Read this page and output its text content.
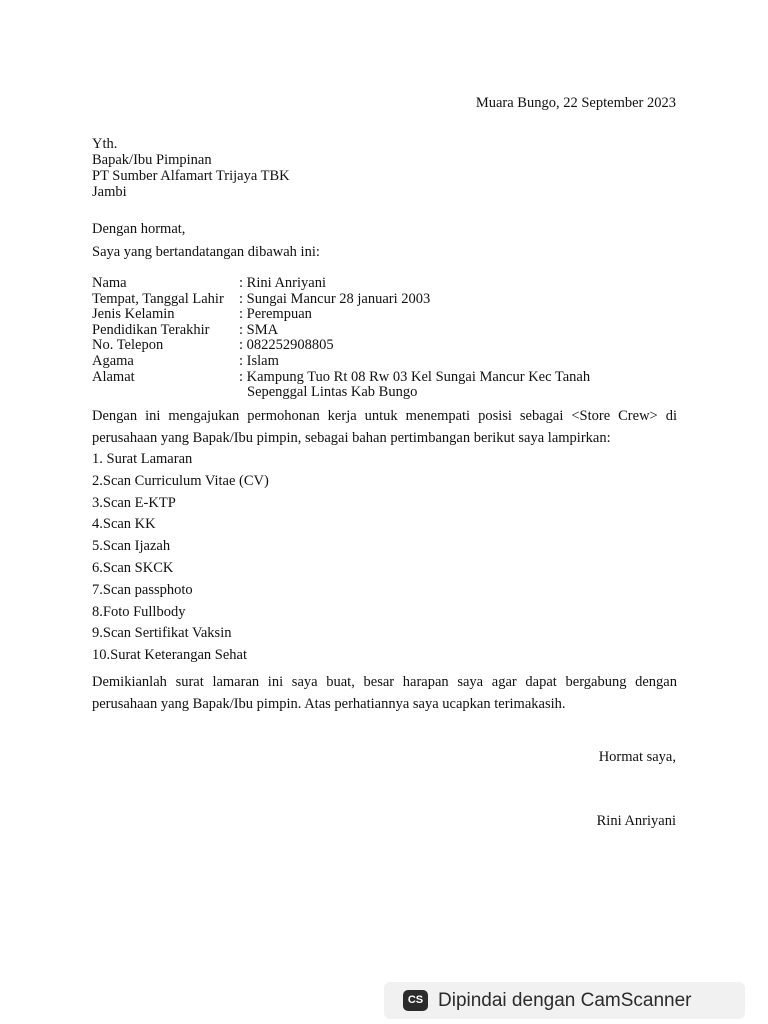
Muara Bungo, 22 September 2023
Yth.
Bapak/Ibu Pimpinan
PT Sumber Alfamart Trijaya TBK
Jambi
Dengan hormat,
Saya yang bertandatangan dibawah ini:
Nama	: Rini Anriyani
Tempat, Tanggal Lahir	: Sungai Mancur 28 januari 2003
Jenis Kelamin	: Perempuan
Pendidikan Terakhir	: SMA
No. Telepon	: 082252908805
Agama	: Islam
Alamat	: Kampung Tuo Rt 08 Rw 03 Kel Sungai Mancur Kec Tanah
Sepenggal Lintas Kab Bungo
Dengan ini mengajukan permohonan kerja untuk menempati posisi sebagai <Store Crew> di perusahaan yang Bapak/Ibu pimpin, sebagai bahan pertimbangan berikut saya lampirkan:
1. Surat Lamaran
2.Scan Curriculum Vitae (CV)
3.Scan E-KTP
4.Scan KK
5.Scan Ijazah
6.Scan SKCK
7.Scan passphoto
8.Foto Fullbody
9.Scan Sertifikat Vaksin
10.Surat Keterangan Sehat
Demikianlah surat lamaran ini saya buat, besar harapan saya agar dapat bergabung dengan perusahaan yang Bapak/Ibu pimpin. Atas perhatiannya saya ucapkan terimakasih.
Hormat saya,
Rini Anriyani
CS Dipindai dengan CamScanner
